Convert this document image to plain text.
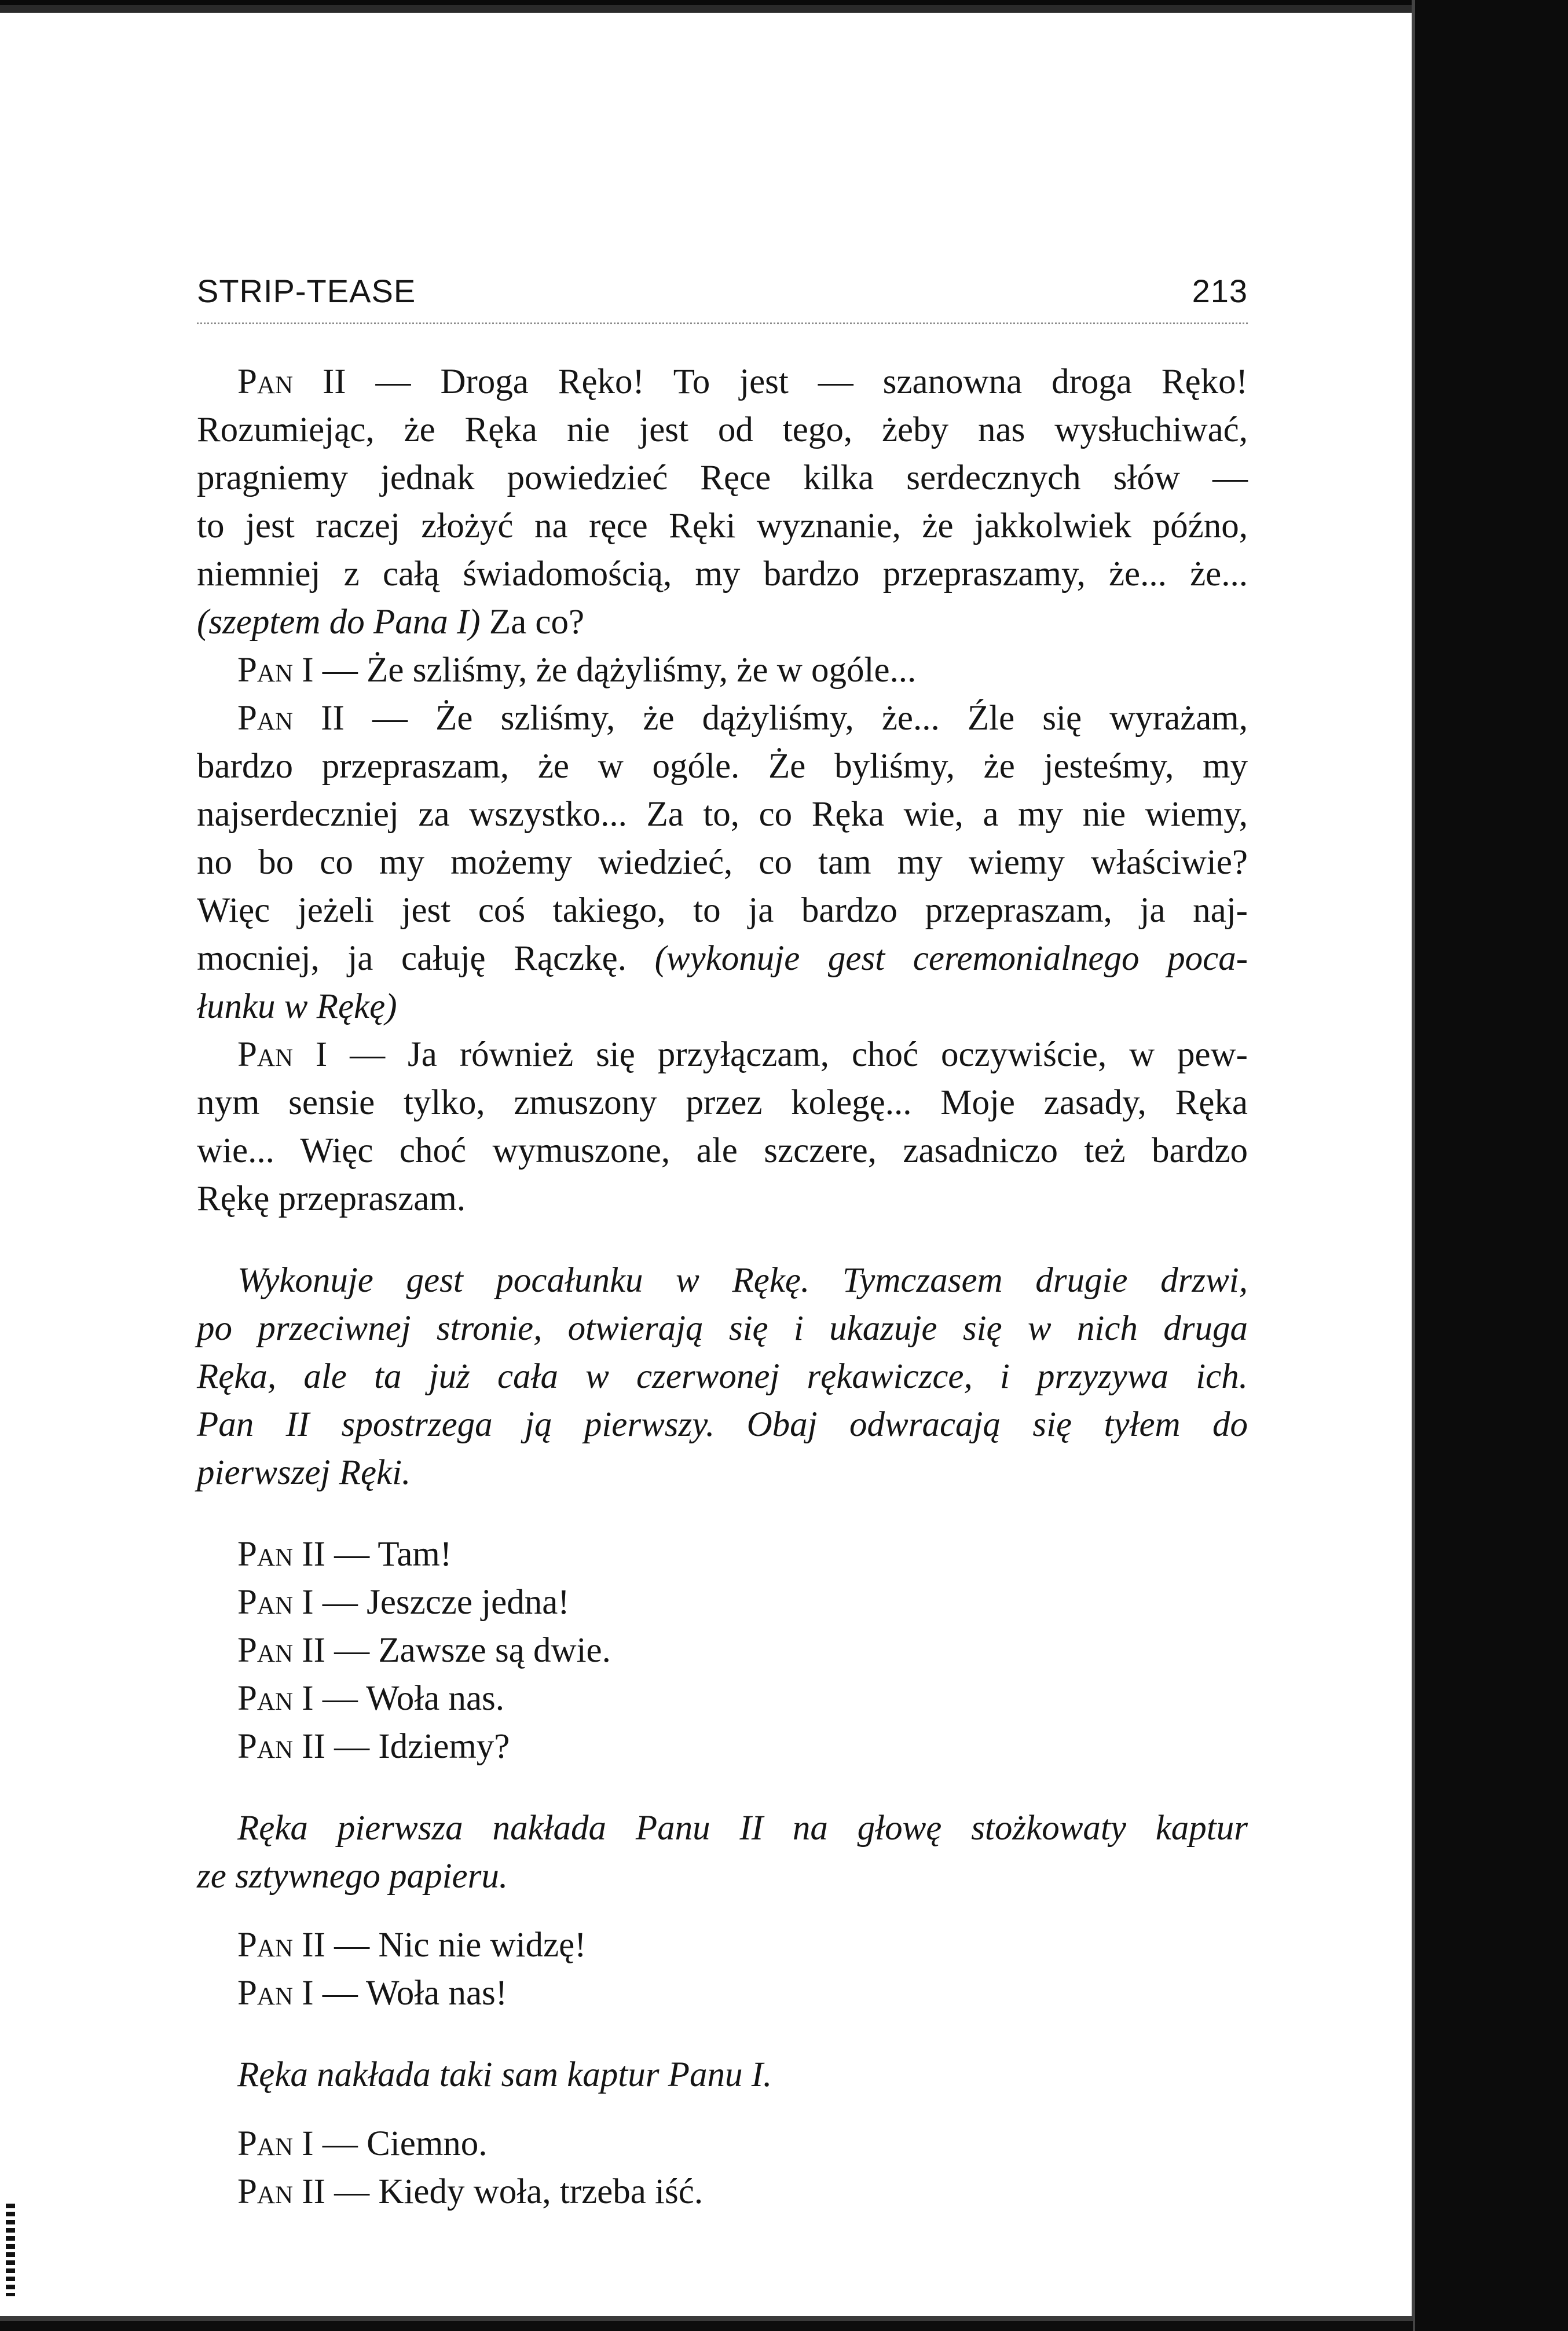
STRIP-TEASE	213

Pan II — Droga Ręko! To jest — szanowna droga Ręko!
Rozumiejąc, że Ręka nie jest od tego, żeby nas wysłuchiwać,
pragniemy jednak powiedzieć Ręce kilka serdecznych słów —
to jest raczej złożyć na ręce Ręki wyznanie, że jakkolwiek późno,
niemniej z całą świadomością, my bardzo przepraszamy, że... że...
(szeptem do Pana I) Za co?

Pan I — Że szliśmy, że dążyliśmy, że w ogóle...

Pan II — Że szliśmy, że dążyliśmy, że... Źle się wyrażam,
bardzo przepraszam, że w ogóle. Że byliśmy, że jesteśmy, my
najserdeczniej za wszystko... Za to, co Ręka wie, a my nie wiemy,
no bo co my możemy wiedzieć, co tam my wiemy właściwie?
Więc jeżeli jest coś takiego, to ja bardzo przepraszam, ja naj-
mocniej, ja całuję Rączkę. (wykonuje gest ceremonialnego poca-
łunku w Rękę)

Pan I — Ja również się przyłączam, choć oczywiście, w pew-
nym sensie tylko, zmuszony przez kolegę... Moje zasady, Ręka
wie... Więc choć wymuszone, ale szczere, zasadniczo też bardzo
Rękę przepraszam.

Wykonuje gest pocałunku w Rękę. Tymczasem drugie drzwi,
po przeciwnej stronie, otwierają się i ukazuje się w nich druga
Ręka, ale ta już cała w czerwonej rękawiczce, i przyzywa ich.
Pan II spostrzega ją pierwszy. Obaj odwracają się tyłem do
pierwszej Ręki.

Pan II — Tam!
Pan I — Jeszcze jedna!
Pan II — Zawsze są dwie.
Pan I — Woła nas.
Pan II — Idziemy?

Ręka pierwsza nakłada Panu II na głowę stożkowaty kaptur
ze sztywnego papieru.

Pan II — Nic nie widzę!
Pan I — Woła nas!

Ręka nakłada taki sam kaptur Panu I.

Pan I — Ciemno.
Pan II — Kiedy woła, trzeba iść.
